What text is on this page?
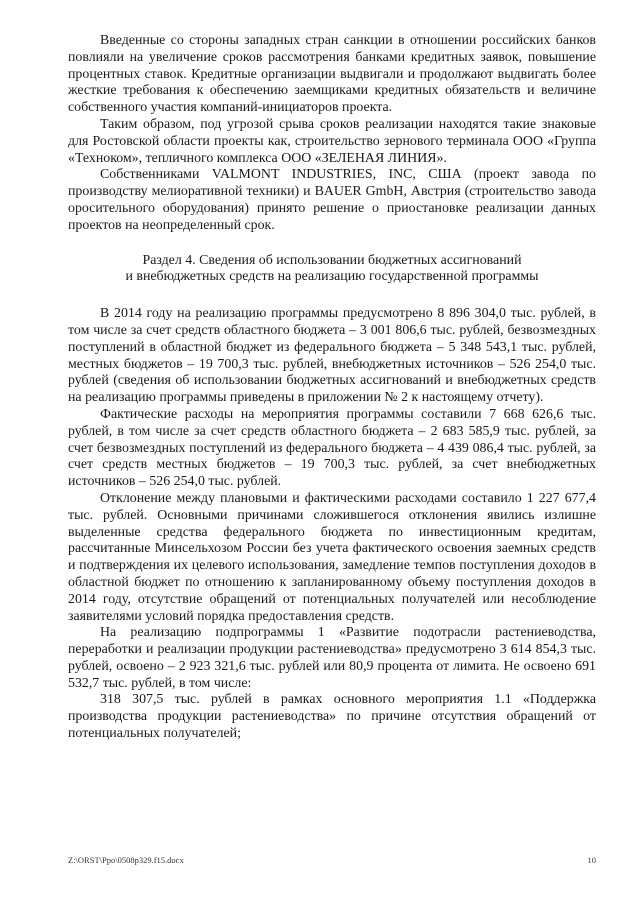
Введенные со стороны западных стран санкции в отношении российских банков повлияли на увеличение сроков рассмотрения банками кредитных заявок, повышение процентных ставок. Кредитные организации выдвигали и продолжают выдвигать более жесткие требования к обеспечению заемщиками кредитных обязательств и величине собственного участия компаний-инициаторов проекта.

Таким образом, под угрозой срыва сроков реализации находятся такие знаковые для Ростовской области проекты как, строительство зернового терминала ООО «Группа «Техноком», тепличного комплекса ООО «ЗЕЛЕНАЯ ЛИНИЯ».

Собственниками VALMONT INDUSTRIES, INC, США (проект завода по производству мелиоративной техники) и BAUER GmbH, Австрия (строительство завода оросительного оборудования) принято решение о приостановке реализации данных проектов на неопределенный срок.

Раздел 4. Сведения об использовании бюджетных ассигнований
и внебюджетных средств на реализацию государственной программы

В 2014 году на реализацию программы предусмотрено 8 896 304,0 тыс. рублей, в том числе за счет средств областного бюджета – 3 001 806,6 тыс. рублей, безвозмездных поступлений в областной бюджет из федерального бюджета – 5 348 543,1 тыс. рублей, местных бюджетов – 19 700,3 тыс. рублей, внебюджетных источников – 526 254,0 тыс. рублей (сведения об использовании бюджетных ассигнований и внебюджетных средств на реализацию программы приведены в приложении № 2 к настоящему отчету).

Фактические расходы на мероприятия программы составили 7 668 626,6 тыс. рублей, в том числе за счет средств областного бюджета – 2 683 585,9 тыс. рублей, за счет безвозмездных поступлений из федерального бюджета – 4 439 086,4 тыс. рублей, за счет средств местных бюджетов – 19 700,3 тыс. рублей, за счет внебюджетных источников – 526 254,0 тыс. рублей.

Отклонение между плановыми и фактическими расходами составило 1 227 677,4 тыс. рублей. Основными причинами сложившегося отклонения явились излишне выделенные средства федерального бюджета по инвестиционным кредитам, рассчитанные Минсельхозом России без учета фактического освоения заемных средств и подтверждения их целевого использования, замедление темпов поступления доходов в областной бюджет по отношению к запланированному объему поступления доходов в 2014 году, отсутствие обращений от потенциальных получателей или несоблюдение заявителями условий порядка предоставления средств.

На реализацию подпрограммы 1 «Развитие подотрасли растениеводства, переработки и реализации продукции растениеводства» предусмотрено 3 614 854,3 тыс. рублей, освоено – 2 923 321,6 тыс. рублей или 80,9 процента от лимита. Не освоено 691 532,7 тыс. рублей, в том числе:

318 307,5 тыс. рублей в рамках основного мероприятия 1.1 «Поддержка производства продукции растениеводства» по причине отсутствия обращений от потенциальных получателей;

Z:\ORST\Ppo\0508p329.f15.docx	10
